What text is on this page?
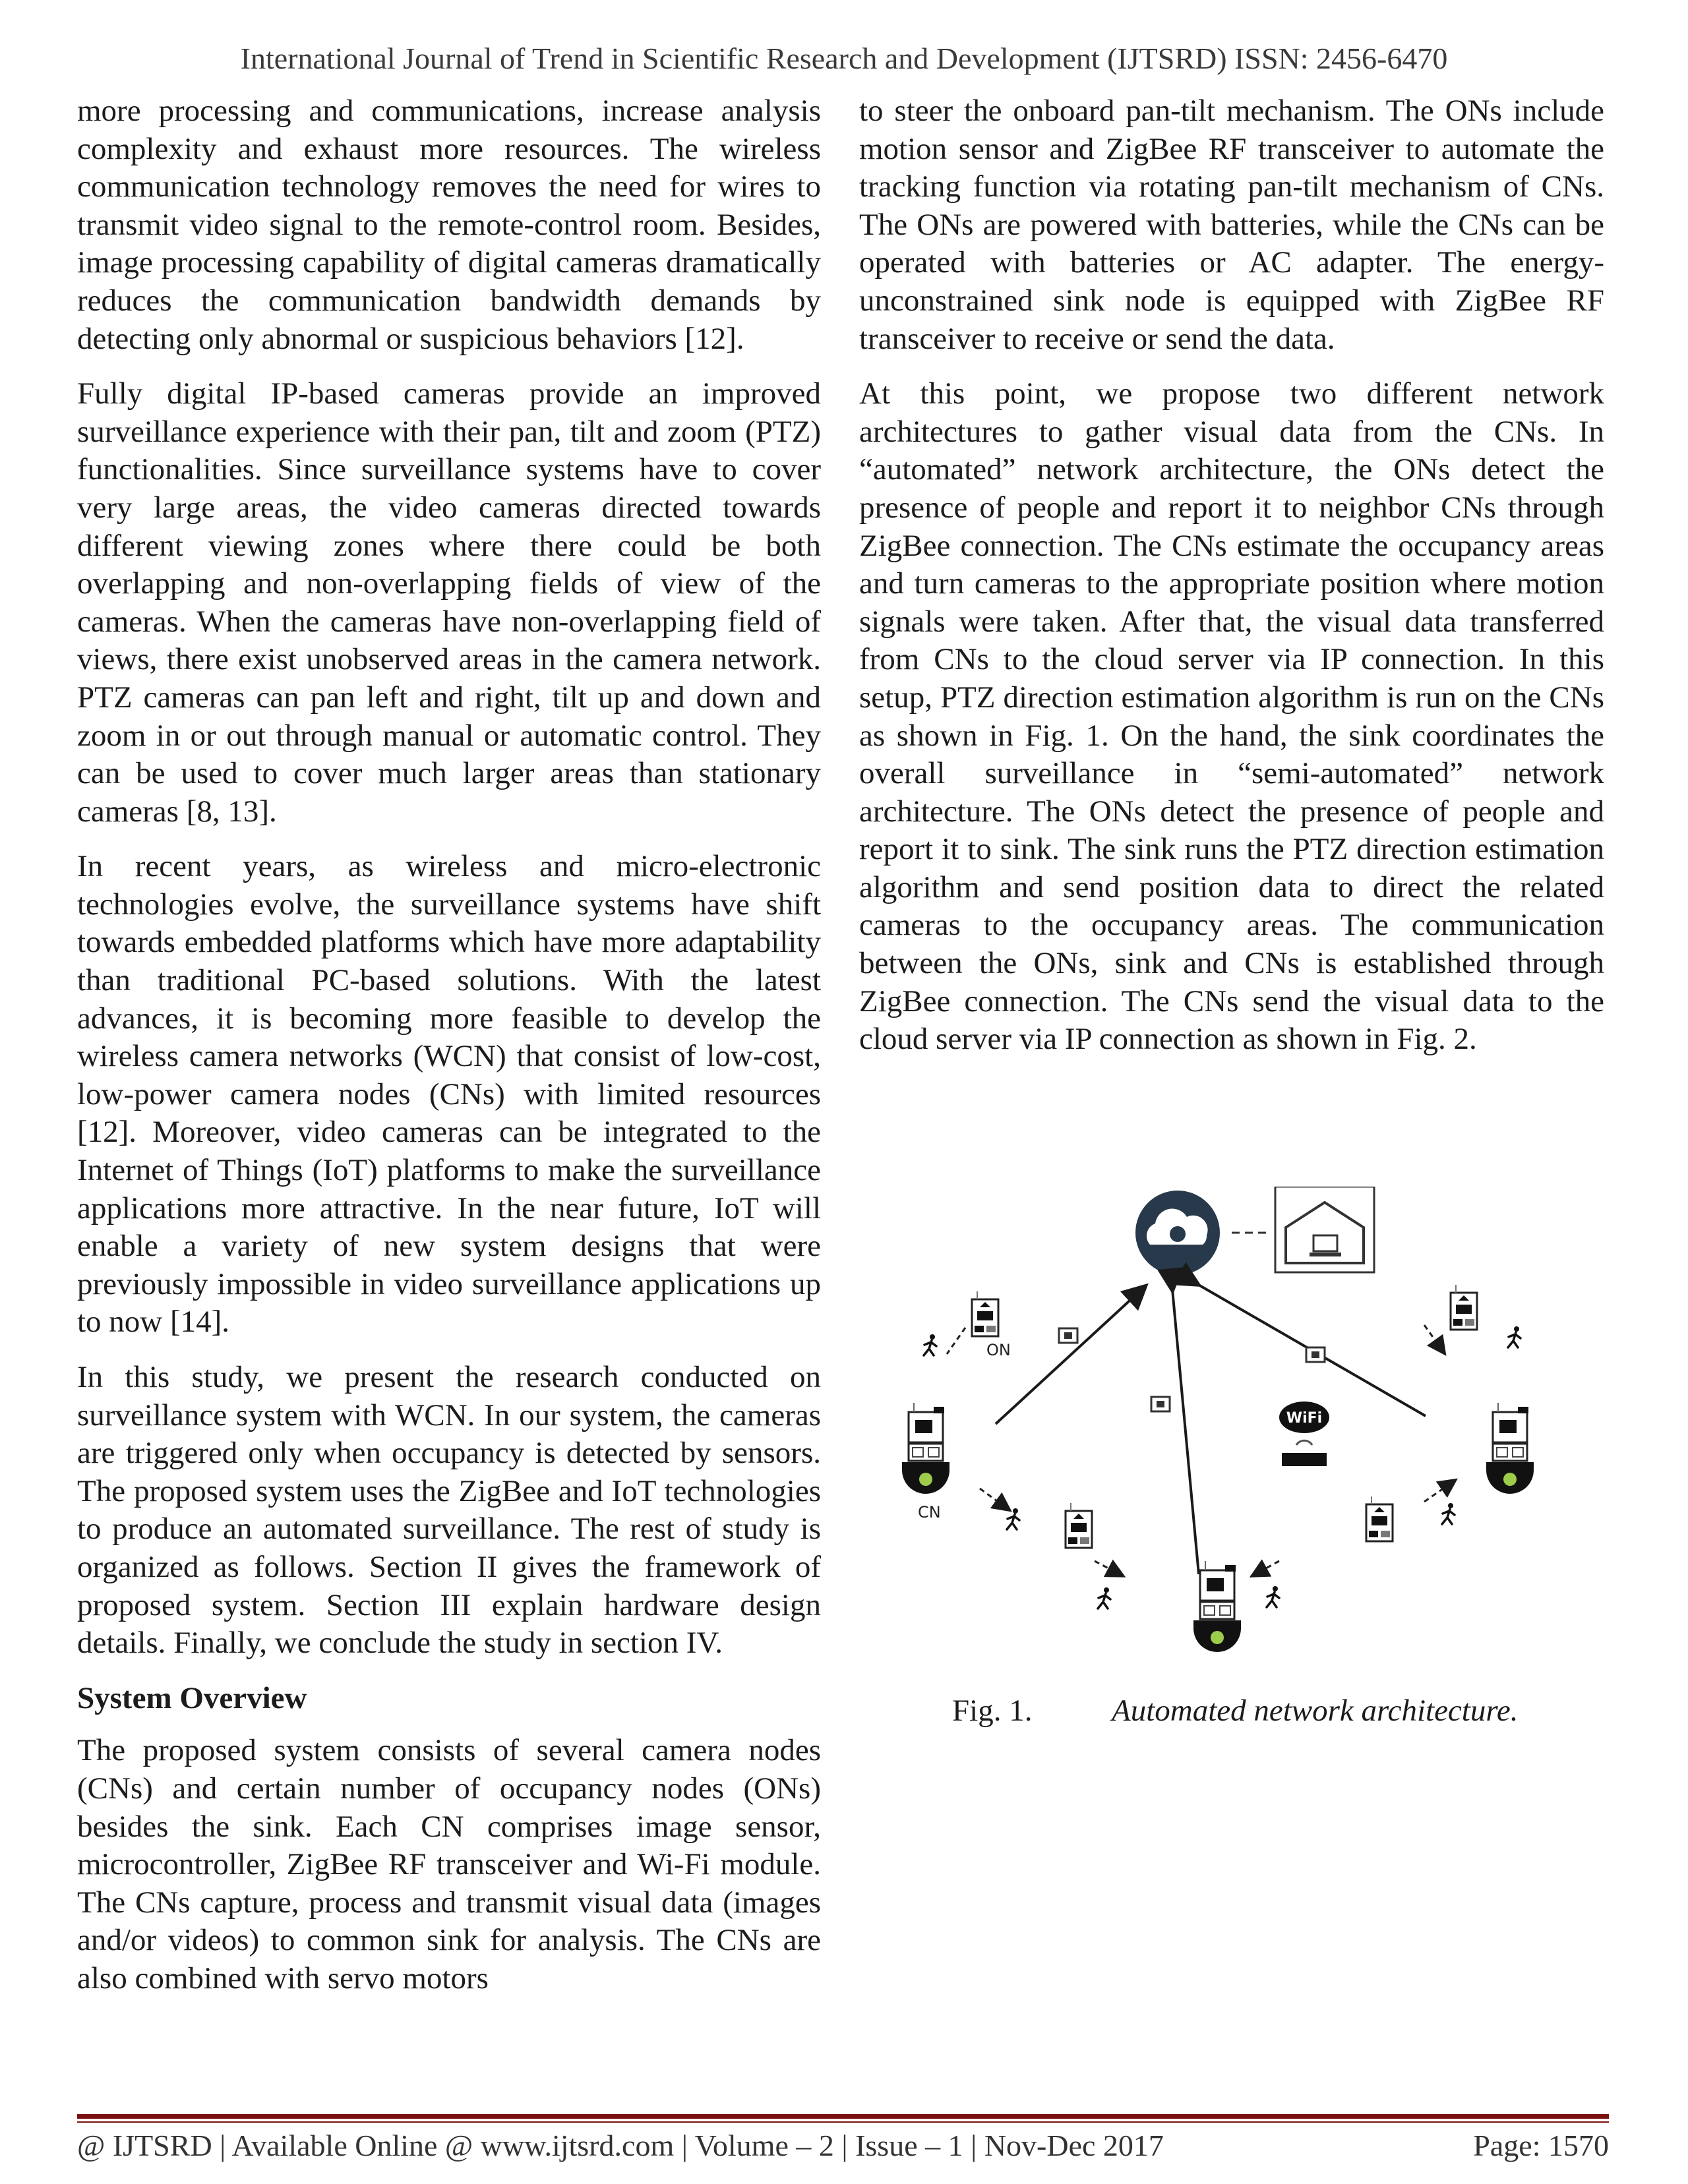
International Journal of Trend in Scientific Research and Development (IJTSRD) ISSN: 2456-6470

more processing and communications, increase analysis complexity and exhaust more resources. The wireless communication technology removes the need for wires to transmit video signal to the remote-control room. Besides, image processing capability of digital cameras dramatically reduces the communication bandwidth demands by detecting only abnormal or suspicious behaviors [12].

Fully digital IP-based cameras provide an improved surveillance experience with their pan, tilt and zoom (PTZ) functionalities. Since surveillance systems have to cover very large areas, the video cameras directed towards different viewing zones where there could be both overlapping and non-overlapping fields of view of the cameras. When the cameras have non-overlapping field of views, there exist unobserved areas in the camera network. PTZ cameras can pan left and right, tilt up and down and zoom in or out through manual or automatic control. They can be used to cover much larger areas than stationary cameras [8, 13].

In recent years, as wireless and micro-electronic technologies evolve, the surveillance systems have shift towards embedded platforms which have more adaptability than traditional PC-based solutions. With the latest advances, it is becoming more feasible to develop the wireless camera networks (WCN) that consist of low-cost, low-power camera nodes (CNs) with limited resources [12]. Moreover, video cameras can be integrated to the Internet of Things (IoT) platforms to make the surveillance applications more attractive. In the near future, IoT will enable a variety of new system designs that were previously impossible in video surveillance applications up to now [14].

In this study, we present the research conducted on surveillance system with WCN. In our system, the cameras are triggered only when occupancy is detected by sensors. The proposed system uses the ZigBee and IoT technologies to produce an automated surveillance. The rest of study is organized as follows. Section II gives the framework of proposed system. Section III explain hardware design details. Finally, we conclude the study in section IV.

System Overview

The proposed system consists of several camera nodes (CNs) and certain number of occupancy nodes (ONs) besides the sink. Each CN comprises image sensor, microcontroller, ZigBee RF transceiver and Wi-Fi module. The CNs capture, process and transmit visual data (images and/or videos) to common sink for analysis. The CNs are also combined with servo motors

to steer the onboard pan-tilt mechanism. The ONs include motion sensor and ZigBee RF transceiver to automate the tracking function via rotating pan-tilt mechanism of CNs. The ONs are powered with batteries, while the CNs can be operated with batteries or AC adapter. The energy-unconstrained sink node is equipped with ZigBee RF transceiver to receive or send the data.

At this point, we propose two different network architectures to gather visual data from the CNs. In “automated” network architecture, the ONs detect the presence of people and report it to neighbor CNs through ZigBee connection. The CNs estimate the occupancy areas and turn cameras to the appropriate position where motion signals were taken. After that, the visual data transferred from CNs to the cloud server via IP connection. In this setup, PTZ direction estimation algorithm is run on the CNs as shown in Fig. 1. On the hand, the sink coordinates the overall surveillance in “semi-automated” network architecture. The ONs detect the presence of people and report it to sink. The sink runs the PTZ direction estimation algorithm and send position data to direct the related cameras to the occupancy areas. The communication between the ONs, sink and CNs is established through ZigBee connection. The CNs send the visual data to the cloud server via IP connection as shown in Fig. 2.

WiFi
ON
CN
Fig. 1.	Automated network architecture.
@ IJTSRD | Available Online @ www.ijtsrd.com | Volume – 2 | Issue – 1 | Nov-Dec 2017	Page: 1570
